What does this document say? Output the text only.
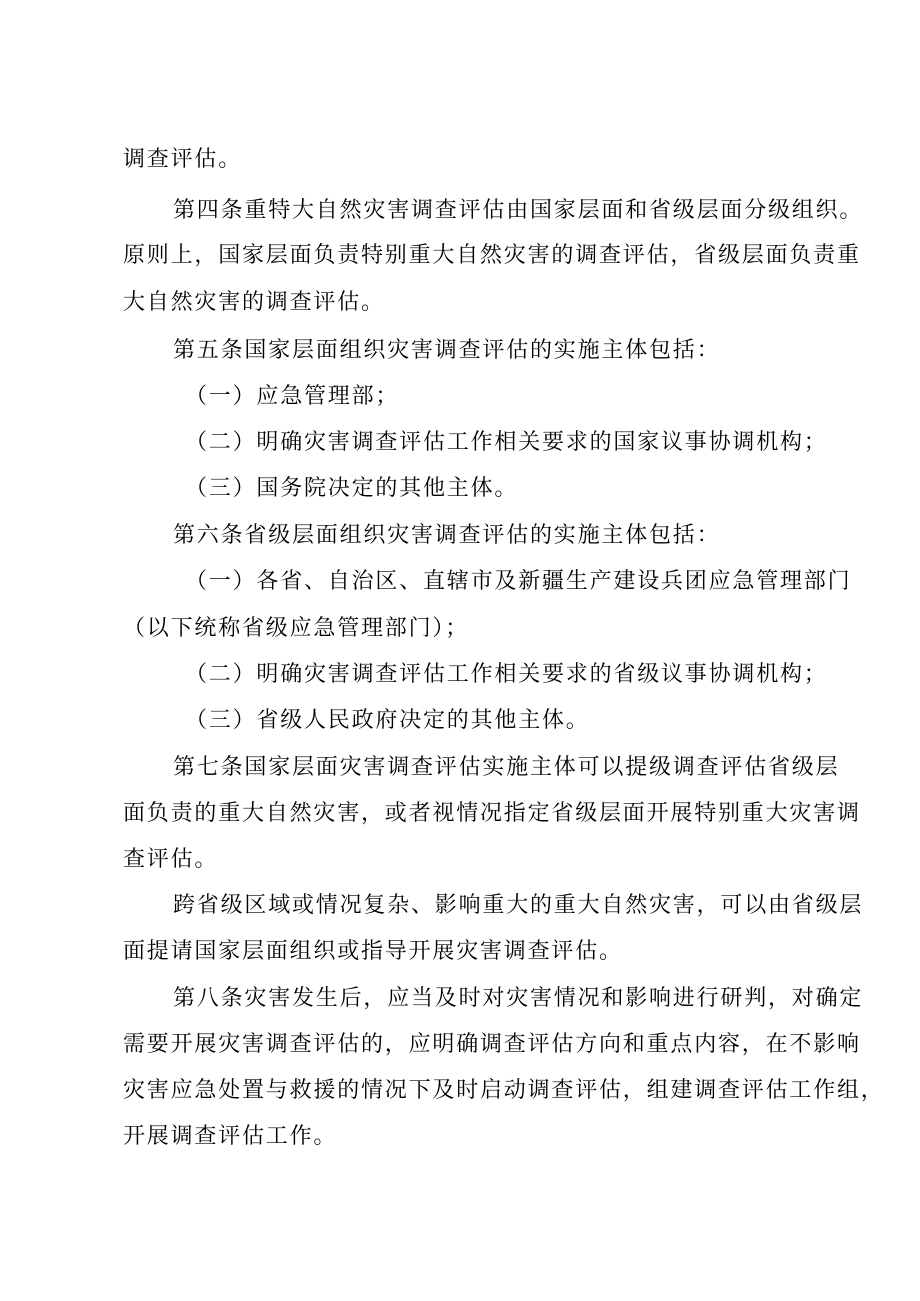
调查评估。
第四条重特大自然灾害调查评估由国家层面和省级层面分级组织。
原则上，国家层面负责特别重大自然灾害的调查评估，省级层面负责重
大自然灾害的调查评估。
第五条国家层面组织灾害调查评估的实施主体包括：
（一）应急管理部；
（二）明确灾害调查评估工作相关要求的国家议事协调机构；
（三）国务院决定的其他主体。
第六条省级层面组织灾害调查评估的实施主体包括：
（一）各省、自治区、直辖市及新疆生产建设兵团应急管理部门
（以下统称省级应急管理部门）；
（二）明确灾害调查评估工作相关要求的省级议事协调机构；
（三）省级人民政府决定的其他主体。
第七条国家层面灾害调查评估实施主体可以提级调查评估省级层
面负责的重大自然灾害，或者视情况指定省级层面开展特别重大灾害调
查评估。
跨省级区域或情况复杂、影响重大的重大自然灾害，可以由省级层
面提请国家层面组织或指导开展灾害调查评估。
第八条灾害发生后，应当及时对灾害情况和影响进行研判，对确定
需要开展灾害调查评估的，应明确调查评估方向和重点内容，在不影响
灾害应急处置与救援的情况下及时启动调查评估，组建调查评估工作组，
开展调查评估工作。
